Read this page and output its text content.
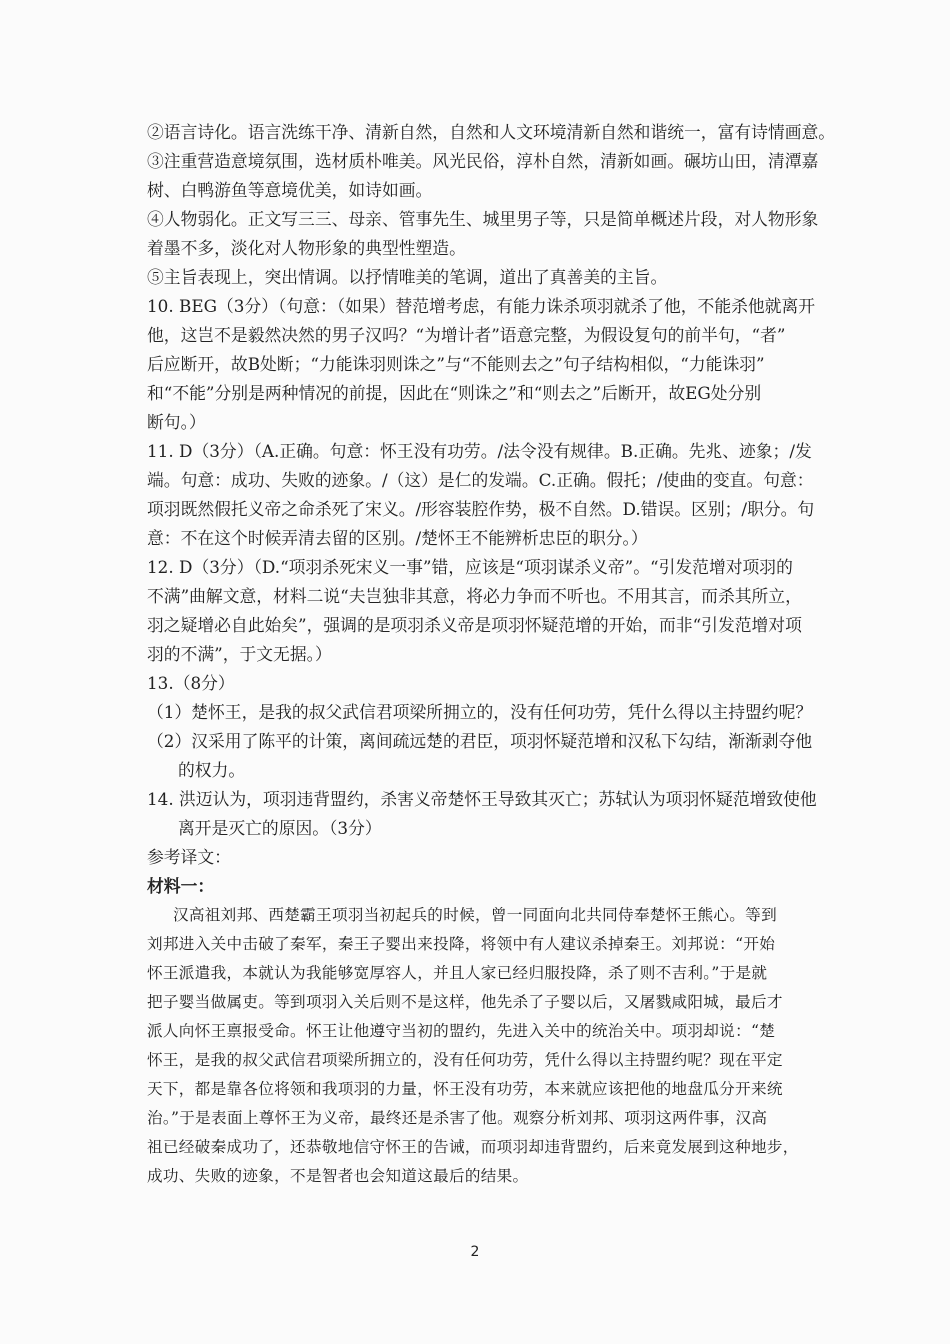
②语言诗化。语言洗练干净、清新自然，自然和人文环境清新自然和谐统一，富有诗情画意。
③注重营造意境氛围，选材质朴唯美。风光民俗，淳朴自然，清新如画。碾坊山田，清潭嘉
树、白鸭游鱼等意境优美，如诗如画。
④人物弱化。正文写三三、母亲、管事先生、城里男子等，只是简单概述片段，对人物形象
着墨不多，淡化对人物形象的典型性塑造。
⑤主旨表现上，突出情调。以抒情唯美的笔调，道出了真善美的主旨。
10. BEG（3分）（句意：（如果）替范增考虑，有能力诛杀项羽就杀了他，不能杀他就离开
他，这岂不是毅然决然的男子汉吗？“为增计者”语意完整，为假设复句的前半句，“者”
后应断开，故B处断；“力能诛羽则诛之”与“不能则去之”句子结构相似，“力能诛羽”
和“不能”分别是两种情况的前提，因此在“则诛之”和“则去之”后断开，故EG处分别
断句。）
11. D（3分）（A.正确。句意：怀王没有功劳。/法令没有规律。B.正确。先兆、迹象；/发
端。句意：成功、失败的迹象。/（这）是仁的发端。C.正确。假托；/使曲的变直。句意：
项羽既然假托义帝之命杀死了宋义。/形容装腔作势，极不自然。D.错误。区别；/职分。句
意：不在这个时候弄清去留的区别。/楚怀王不能辨析忠臣的职分。）
12. D（3分）（D.“项羽杀死宋义一事”错，应该是“项羽谋杀义帝”。“引发范增对项羽的
不满”曲解文意，材料二说“夫岂独非其意，将必力争而不听也。不用其言，而杀其所立，
羽之疑增必自此始矣”，强调的是项羽杀义帝是项羽怀疑范增的开始，而非“引发范增对项
羽的不满”，于文无据。）
13.（8分）
（1）楚怀王，是我的叔父武信君项梁所拥立的，没有任何功劳，凭什么得以主持盟约呢？
（2）汉采用了陈平的计策，离间疏远楚的君臣，项羽怀疑范增和汉私下勾结，渐渐剥夺他
的权力。
14. 洪迈认为，项羽违背盟约，杀害义帝楚怀王导致其灭亡；苏轼认为项羽怀疑范增致使他
离开是灭亡的原因。（3分）
参考译文：
材料一：
汉高祖刘邦、西楚霸王项羽当初起兵的时候，曾一同面向北共同侍奉楚怀王熊心。等到
刘邦进入关中击破了秦军，秦王子婴出来投降，将领中有人建议杀掉秦王。刘邦说：“开始
怀王派遣我，本就认为我能够宽厚容人，并且人家已经归服投降，杀了则不吉利。”于是就
把子婴当做属吏。等到项羽入关后则不是这样，他先杀了子婴以后，又屠戮咸阳城，最后才
派人向怀王禀报受命。怀王让他遵守当初的盟约，先进入关中的统治关中。项羽却说：“楚
怀王，是我的叔父武信君项梁所拥立的，没有任何功劳，凭什么得以主持盟约呢？现在平定
天下，都是靠各位将领和我项羽的力量，怀王没有功劳，本来就应该把他的地盘瓜分开来统
治。”于是表面上尊怀王为义帝，最终还是杀害了他。观察分析刘邦、项羽这两件事，汉高
祖已经破秦成功了，还恭敬地信守怀王的告诫，而项羽却违背盟约，后来竟发展到这种地步，
成功、失败的迹象，不是智者也会知道这最后的结果。
2
